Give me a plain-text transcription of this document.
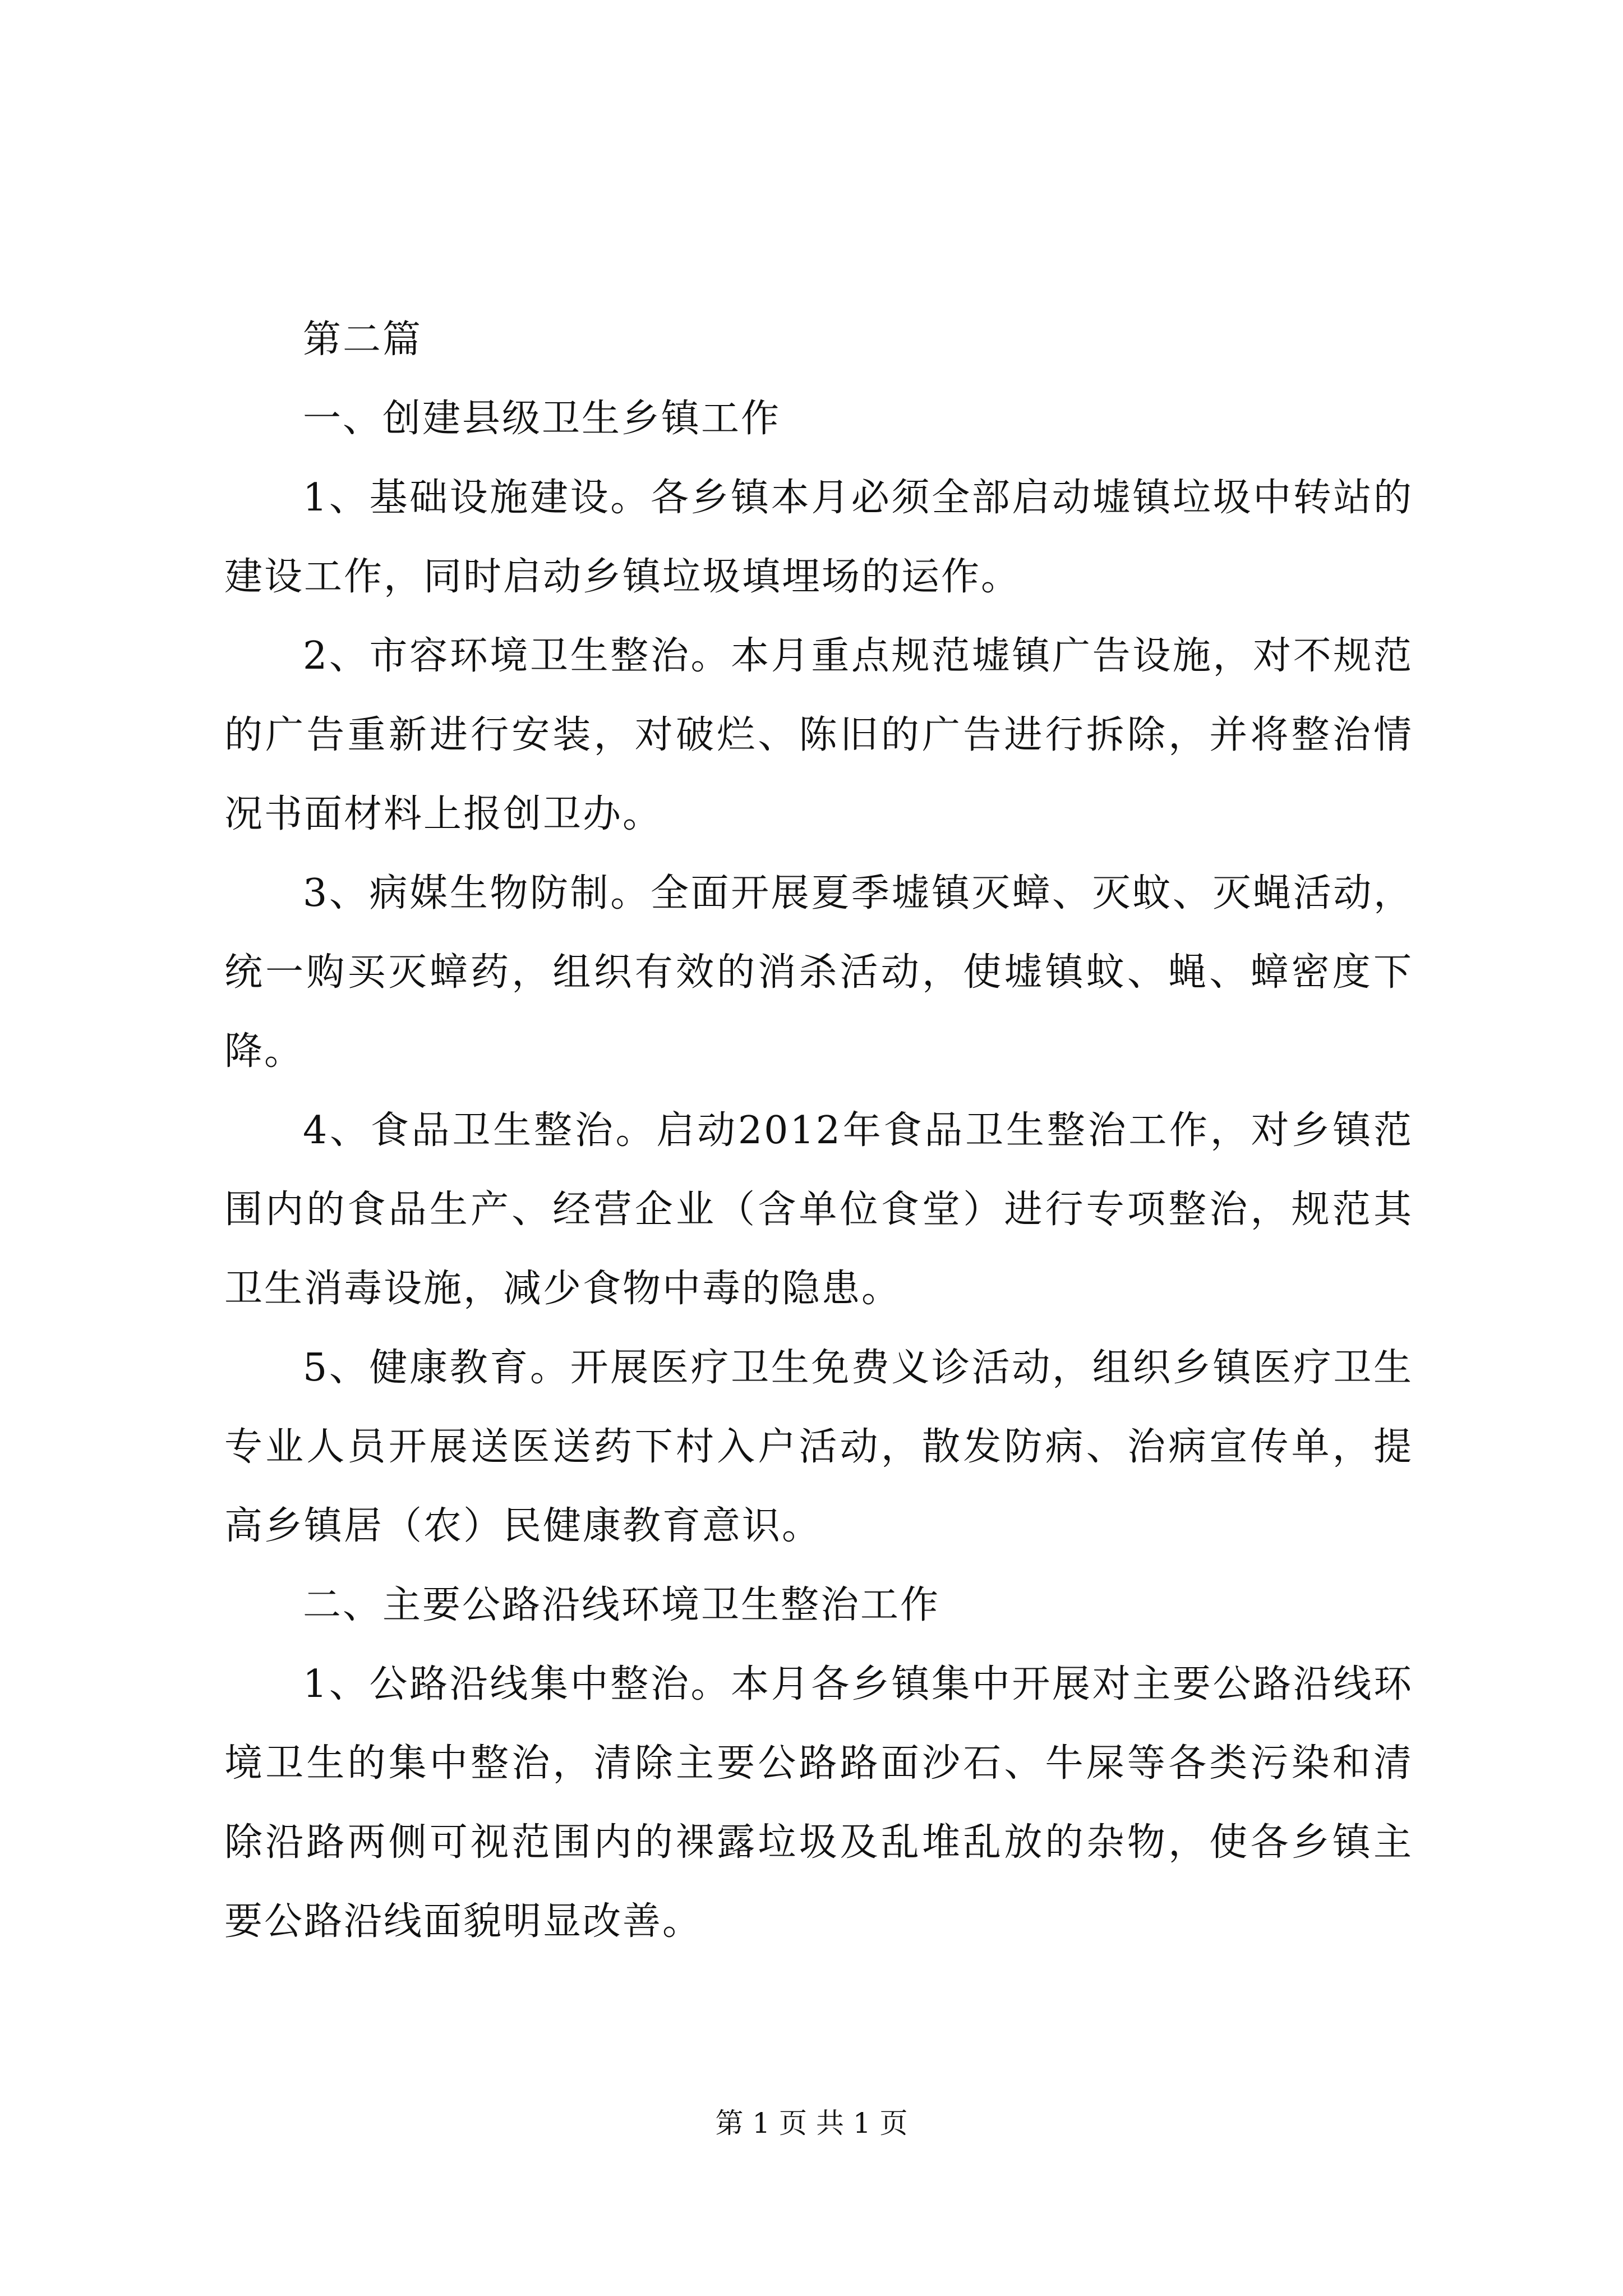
第二篇

一、创建县级卫生乡镇工作

1、基础设施建设。各乡镇本月必须全部启动墟镇垃圾中转站的建设工作，同时启动乡镇垃圾填埋场的运作。

2、市容环境卫生整治。本月重点规范墟镇广告设施，对不规范的广告重新进行安装，对破烂、陈旧的广告进行拆除，并将整治情况书面材料上报创卫办。

3、病媒生物防制。全面开展夏季墟镇灭蟑、灭蚊、灭蝇活动，统一购买灭蟑药，组织有效的消杀活动，使墟镇蚊、蝇、蟑密度下降。

4、食品卫生整治。启动2012年食品卫生整治工作，对乡镇范围内的食品生产、经营企业（含单位食堂）进行专项整治，规范其卫生消毒设施，减少食物中毒的隐患。

5、健康教育。开展医疗卫生免费义诊活动，组织乡镇医疗卫生专业人员开展送医送药下村入户活动，散发防病、治病宣传单，提高乡镇居（农）民健康教育意识。

二、主要公路沿线环境卫生整治工作

1、公路沿线集中整治。本月各乡镇集中开展对主要公路沿线环境卫生的集中整治，清除主要公路路面沙石、牛屎等各类污染和清除沿路两侧可视范围内的裸露垃圾及乱堆乱放的杂物，使各乡镇主要公路沿线面貌明显改善。

第 1 页 共 1 页
